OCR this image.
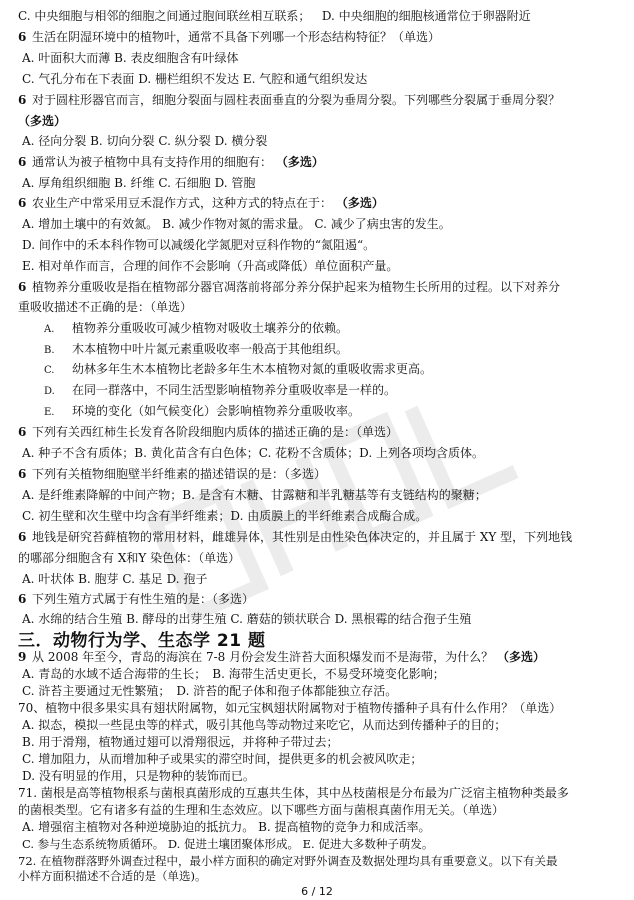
C. 中央细胞与相邻的细胞之间通过胞间联丝相互联系； D. 中央细胞的细胞核通常位于卵器附近
6 生活在阴湿环境中的植物叶，通常不具备下列哪一个形态结构特征？（单选）
A. 叶面积大而薄 B. 表皮细胞含有叶绿体
C. 气孔分布在下表面 D. 栅栏组织不发达 E. 气腔和通气组织发达
6 对于圆柱形器官而言，细胞分裂面与圆柱表面垂直的分裂为垂周分裂。下列哪些分裂属于垂周分裂？
（多选）
A. 径向分裂 B. 切向分裂 C. 纵分裂 D. 横分裂
6 通常认为被子植物中具有支持作用的细胞有： （多选）
A. 厚角组织细胞 B. 纤维 C. 石细胞 D. 管胞
6 农业生产中常采用豆禾混作方式，这种方式的特点在于： （多选）
A. 增加土壤中的有效氮。 B. 减少作物对氮的需求量。 C. 减少了病虫害的发生。
D. 间作中的禾本科作物可以减缓化学氮肥对豆科作物的“氮阻遏“。
E. 相对单作而言，合理的间作不会影响（升高或降低）单位面积产量。
6 植物养分重吸收是指在植物部分器官凋落前将部分养分保护起来为植物生长所用的过程。以下对养分
重吸收描述不正确的是：（单选）
A. 植物养分重吸收可减少植物对吸收土壤养分的依赖。
B. 木本植物中叶片氮元素重吸收率一般高于其他组织。
C. 幼林多年生木本植物比老龄多年生木本植物对氮的重吸收需求更高。
D. 在同一群落中，不同生活型影响植物养分重吸收率是一样的。
E. 环境的变化（如气候变化）会影响植物养分重吸收率。
6 下列有关西红柿生长发育各阶段细胞内质体的描述正确的是：（单选）
A. 种子不含有质体；B. 黄化苗含有白色体；C. 花粉不含质体；D. 上列各项均含质体。
6 下列有关植物细胞壁半纤维素的描述错误的是：（多选）
A. 是纤维素降解的中间产物；B. 是含有木糖、甘露糖和半乳糖基等有支链结构的聚糖；
C. 初生壁和次生壁中均含有半纤维素；D. 由质膜上的半纤维素合成酶合成。
6 地钱是研究苔藓植物的常用材料，雌雄异体，其性别是由性染色体决定的，并且属于 XY 型，下列地钱
的哪部分细胞含有 X和Y 染色体：（单选）
A. 叶状体 B. 胞芽 C. 基足 D. 孢子
6 下列生殖方式属于有性生殖的是：（多选）
A. 水绵的结合生殖 B. 酵母的出芽生殖 C. 蘑菇的锁状联合 D. 黑根霉的结合孢子生殖
三．动物行为学、生态学 21 题
9 从 2008 年至今，青岛的海滨在 7-8 月份会发生浒苔大面积爆发而不是海带，为什么？ （多选）
A. 青岛的水域不适合海带的生长；　B. 海带生活史更长，不易受环境变化影响；
C. 浒苔主要通过无性繁殖；　D. 浒苔的配子体和孢子体都能独立存活。
70、植物中很多果实具有翅状附属物，如元宝枫翅状附属物对于植物传播种子具有什么作用？（单选）
A. 拟态，模拟一些昆虫等的样式，吸引其他鸟等动物过来吃它，从而达到传播种子的目的；
B. 用于滑翔，植物通过翅可以滑翔很远，并将种子带过去；
C. 增加阻力，从而增加种子或果实的滞空时间，提供更多的机会被风吹走；
D. 没有明显的作用，只是物种的装饰而已。
71. 菌根是高等植物根系与菌根真菌形成的互惠共生体，其中丛枝菌根是分布最为广泛宿主植物种类最多
的菌根类型。它有诸多有益的生理和生态效应。以下哪些方面与菌根真菌作用无关。（单选）
A. 增强宿主植物对各种逆境胁迫的抵抗力。 B. 提高植物的竞争力和成活率。
6 / 12
C. 参与生态系统物质循环。 D. 促进土壤团聚体形成。 E. 促进大多数种子萌发。
72. 在植物群落野外调查过程中，最小样方面积的确定对野外调查及数据处理均具有重要意义。以下有关最
小样方面积描述不合适的是（单选)。
